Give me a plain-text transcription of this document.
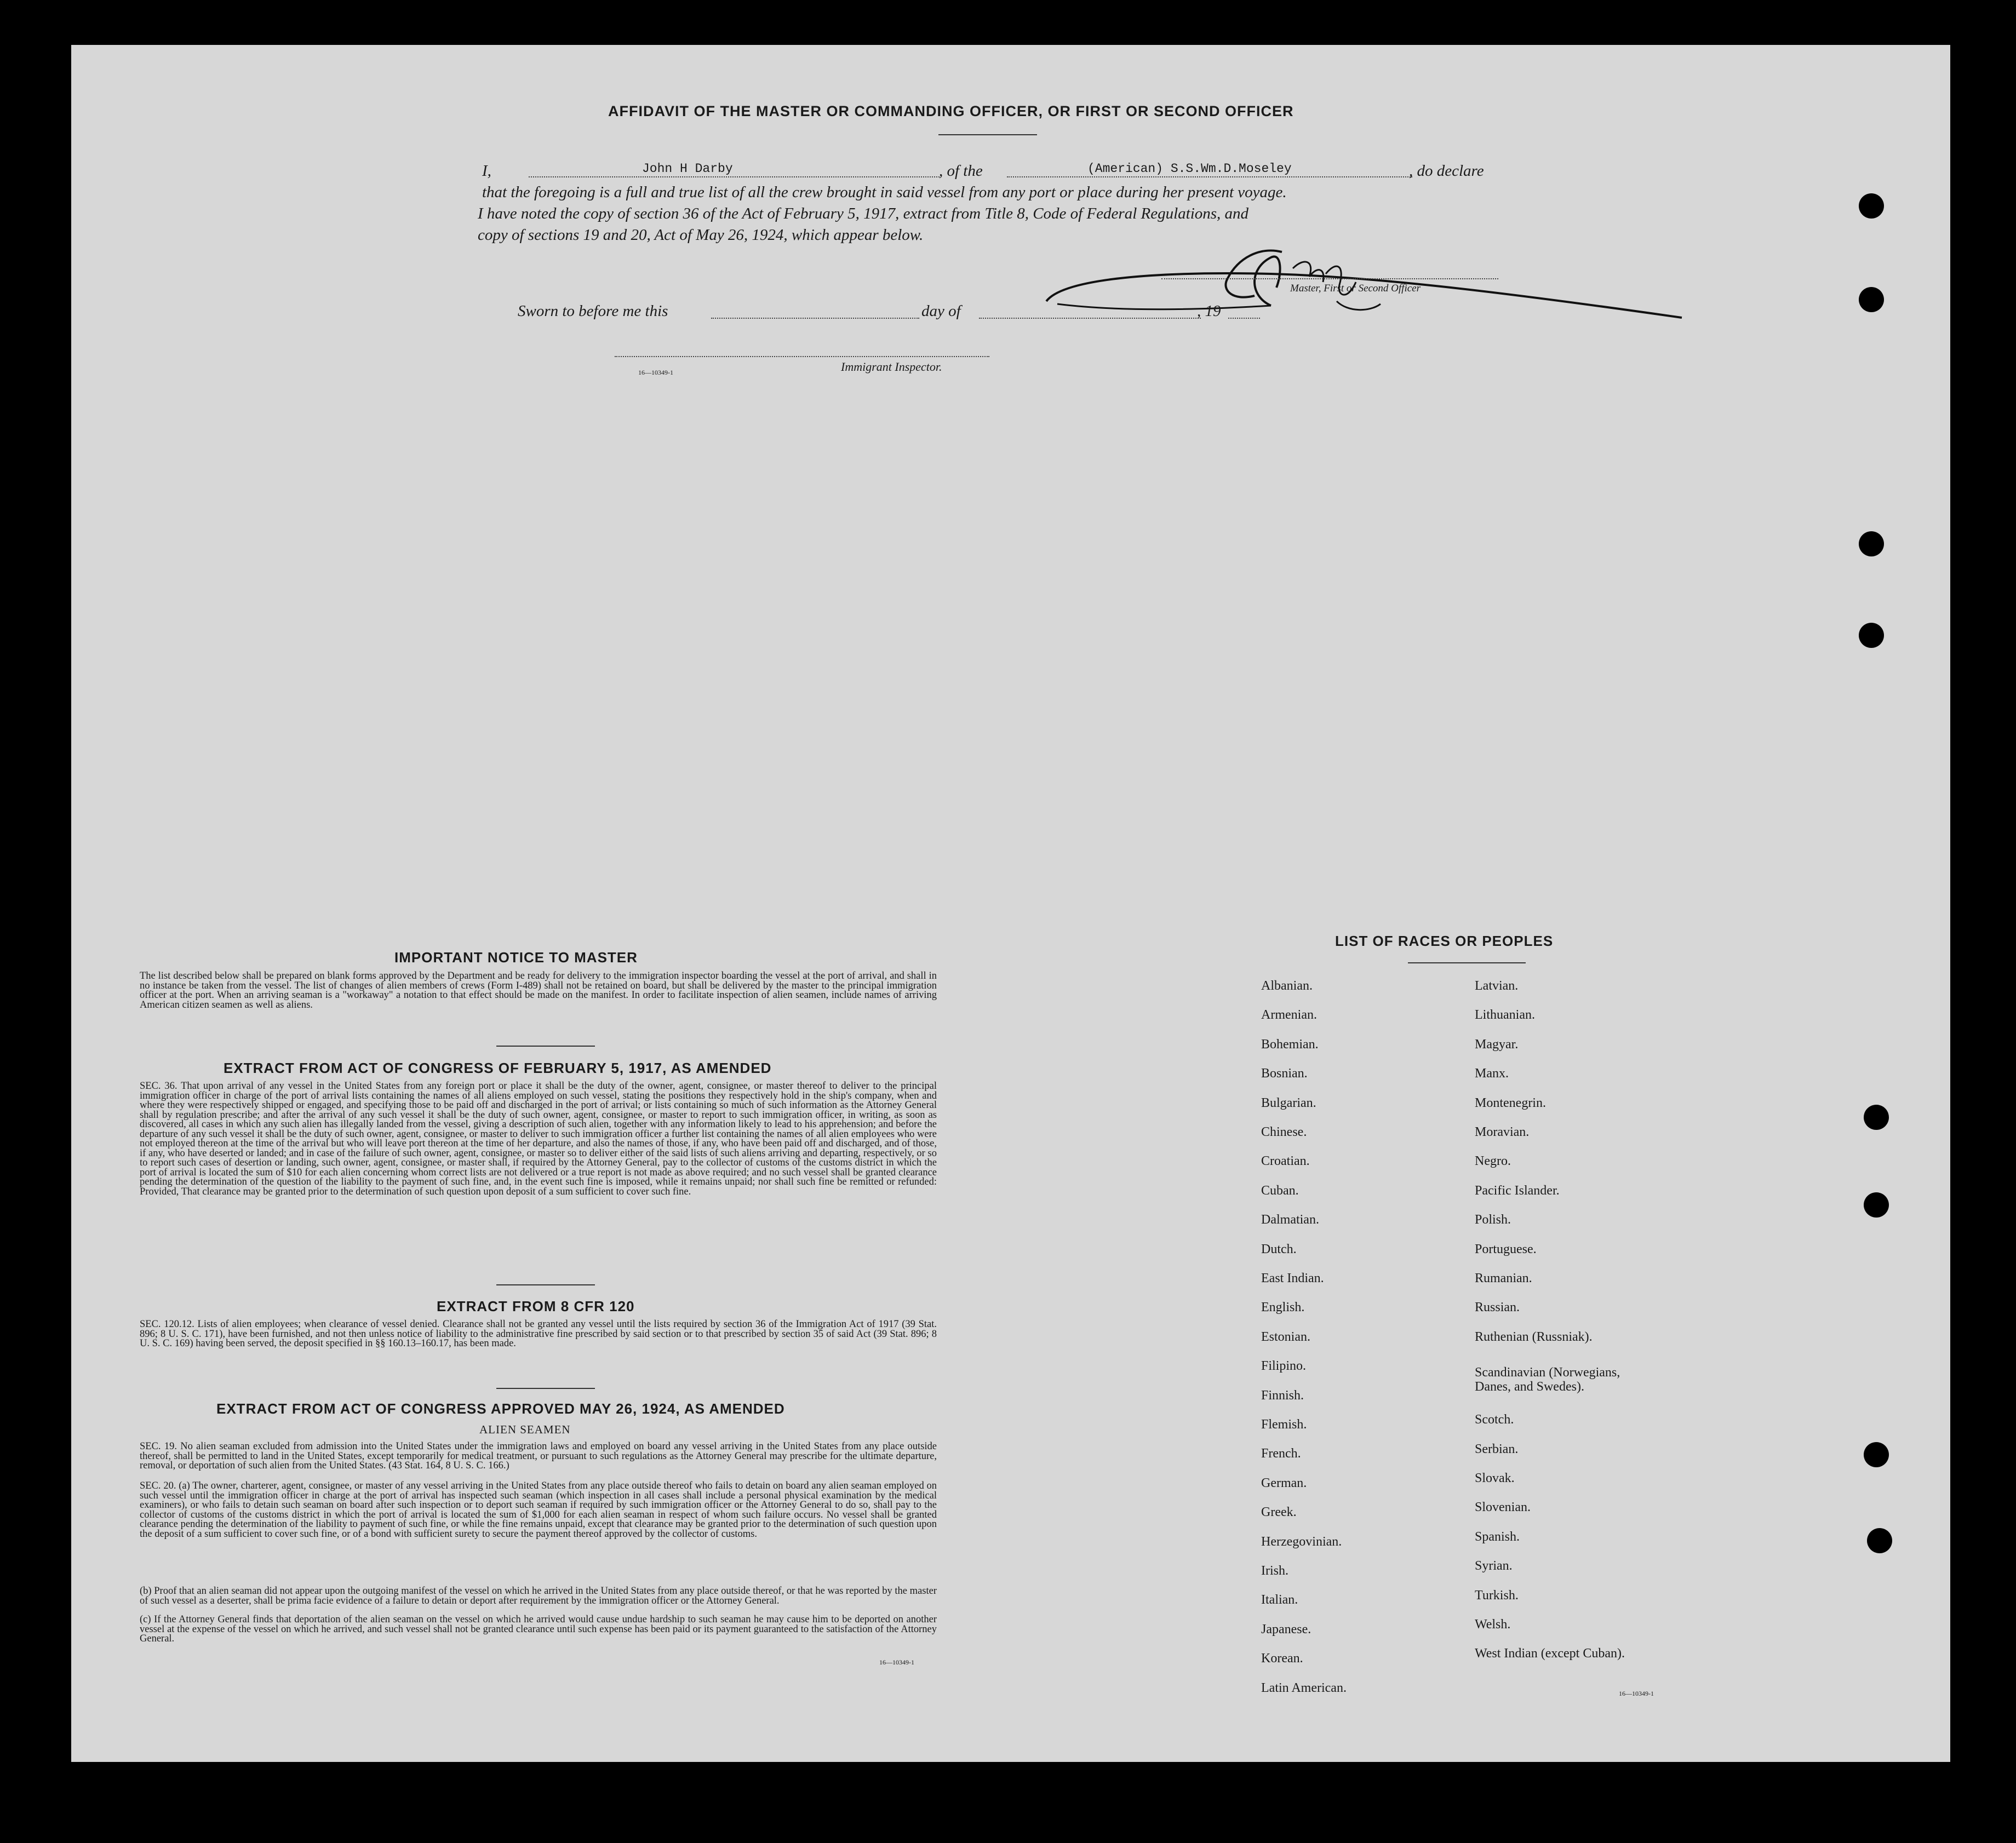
AFFIDAVIT OF THE MASTER OR COMMANDING OFFICER, OR FIRST OR SECOND OFFICER
I,	John H Darby	, of the	(American) S.S.Wm.D.Moseley	, do declare
that the foregoing is a full and true list of all the crew brought in said vessel from any port or place during her present voyage.
I have noted the copy of section 36 of the Act of February 5, 1917, extract from Title 8, Code of Federal Regulations, and
copy of sections 19 and 20, Act of May 26, 1924, which appear below.
Master, First or Second Officer
Sworn to before me this	day of	, 19
16—10349-1	Immigrant Inspector.
IMPORTANT NOTICE TO MASTER
The list described below shall be prepared on blank forms approved by the Department and be ready for delivery to the immigration inspector boarding the vessel at the port of arrival, and shall in no instance be taken from the vessel. The list of changes of alien members of crews (Form I-489) shall not be retained on board, but shall be delivered by the master to the principal immigration officer at the port. When an arriving seaman is a "workaway" a notation to that effect should be made on the manifest. In order to facilitate inspection of alien seamen, include names of arriving American citizen seamen as well as aliens.
EXTRACT FROM ACT OF CONGRESS OF FEBRUARY 5, 1917, AS AMENDED
SEC. 36. That upon arrival of any vessel in the United States from any foreign port or place it shall be the duty of the owner, agent, consignee, or master thereof to deliver to the principal immigration officer in charge of the port of arrival lists containing the names of all aliens employed on such vessel, stating the positions they respectively hold in the ship's company, when and where they were respectively shipped or engaged, and specifying those to be paid off and discharged in the port of arrival; or lists containing so much of such information as the Attorney General shall by regulation prescribe; and after the arrival of any such vessel it shall be the duty of such owner, agent, consignee, or master to report to such immigration officer, in writing, as soon as discovered, all cases in which any such alien has illegally landed from the vessel, giving a description of such alien, together with any information likely to lead to his apprehension; and before the departure of any such vessel it shall be the duty of such owner, agent, consignee, or master to deliver to such immigration officer a further list containing the names of all alien employees who were not employed thereon at the time of the arrival but who will leave port thereon at the time of her departure, and also the names of those, if any, who have been paid off and discharged, and of those, if any, who have deserted or landed; and in case of the failure of such owner, agent, consignee, or master so to deliver either of the said lists of such aliens arriving and departing, respectively, or so to report such cases of desertion or landing, such owner, agent, consignee, or master shall, if required by the Attorney General, pay to the collector of customs of the customs district in which the port of arrival is located the sum of $10 for each alien concerning whom correct lists are not delivered or a true report is not made as above required; and no such vessel shall be granted clearance pending the determination of the question of the liability to the payment of such fine, and, in the event such fine is imposed, while it remains unpaid; nor shall such fine be remitted or refunded: Provided, That clearance may be granted prior to the determination of such question upon deposit of a sum sufficient to cover such fine.
EXTRACT FROM 8 CFR 120
SEC. 120.12. Lists of alien employees; when clearance of vessel denied. Clearance shall not be granted any vessel until the lists required by section 36 of the Immigration Act of 1917 (39 Stat. 896; 8 U. S. C. 171), have been furnished, and not then unless notice of liability to the administrative fine prescribed by said section or to that prescribed by section 35 of said Act (39 Stat. 896; 8 U. S. C. 169) having been served, the deposit specified in §§ 160.13–160.17, has been made.
EXTRACT FROM ACT OF CONGRESS APPROVED MAY 26, 1924, AS AMENDED
ALIEN SEAMEN
SEC. 19. No alien seaman excluded from admission into the United States under the immigration laws and employed on board any vessel arriving in the United States from any place outside thereof, shall be permitted to land in the United States, except temporarily for medical treatment, or pursuant to such regulations as the Attorney General may prescribe for the ultimate departure, removal, or deportation of such alien from the United States. (43 Stat. 164, 8 U. S. C. 166.)
SEC. 20. (a) The owner, charterer, agent, consignee, or master of any vessel arriving in the United States from any place outside thereof who fails to detain on board any alien seaman employed on such vessel until the immigration officer in charge at the port of arrival has inspected such seaman (which inspection in all cases shall include a personal physical examination by the medical examiners), or who fails to detain such seaman on board after such inspection or to deport such seaman if required by such immigration officer or the Attorney General to do so, shall pay to the collector of customs of the customs district in which the port of arrival is located the sum of $1,000 for each alien seaman in respect of whom such failure occurs. No vessel shall be granted clearance pending the determination of the liability to payment of such fine, or while the fine remains unpaid, except that clearance may be granted prior to the determination of such question upon the deposit of a sum sufficient to cover such fine, or of a bond with sufficient surety to secure the payment thereof approved by the collector of customs.
(b) Proof that an alien seaman did not appear upon the outgoing manifest of the vessel on which he arrived in the United States from any place outside thereof, or that he was reported by the master of such vessel as a deserter, shall be prima facie evidence of a failure to detain or deport after requirement by the immigration officer or the Attorney General.
(c) If the Attorney General finds that deportation of the alien seaman on the vessel on which he arrived would cause undue hardship to such seaman he may cause him to be deported on another vessel at the expense of the vessel on which he arrived, and such vessel shall not be granted clearance until such expense has been paid or its payment guaranteed to the satisfaction of the Attorney General.
16—10349-1
LIST OF RACES OR PEOPLES
Albanian.
Armenian.
Bohemian.
Bosnian.
Bulgarian.
Chinese.
Croatian.
Cuban.
Dalmatian.
Dutch.
East Indian.
English.
Estonian.
Filipino.
Finnish.
Flemish.
French.
German.
Greek.
Herzegovinian.
Irish.
Italian.
Japanese.
Korean.
Latin American.
Latvian.
Lithuanian.
Magyar.
Manx.
Montenegrin.
Moravian.
Negro.
Pacific Islander.
Polish.
Portuguese.
Rumanian.
Russian.
Ruthenian (Russniak).
Scandinavian (Norwegians,
Danes, and Swedes).
Scotch.
Serbian.
Slovak.
Slovenian.
Spanish.
Syrian.
Turkish.
Welsh.
West Indian (except Cuban).
16—10349-1
